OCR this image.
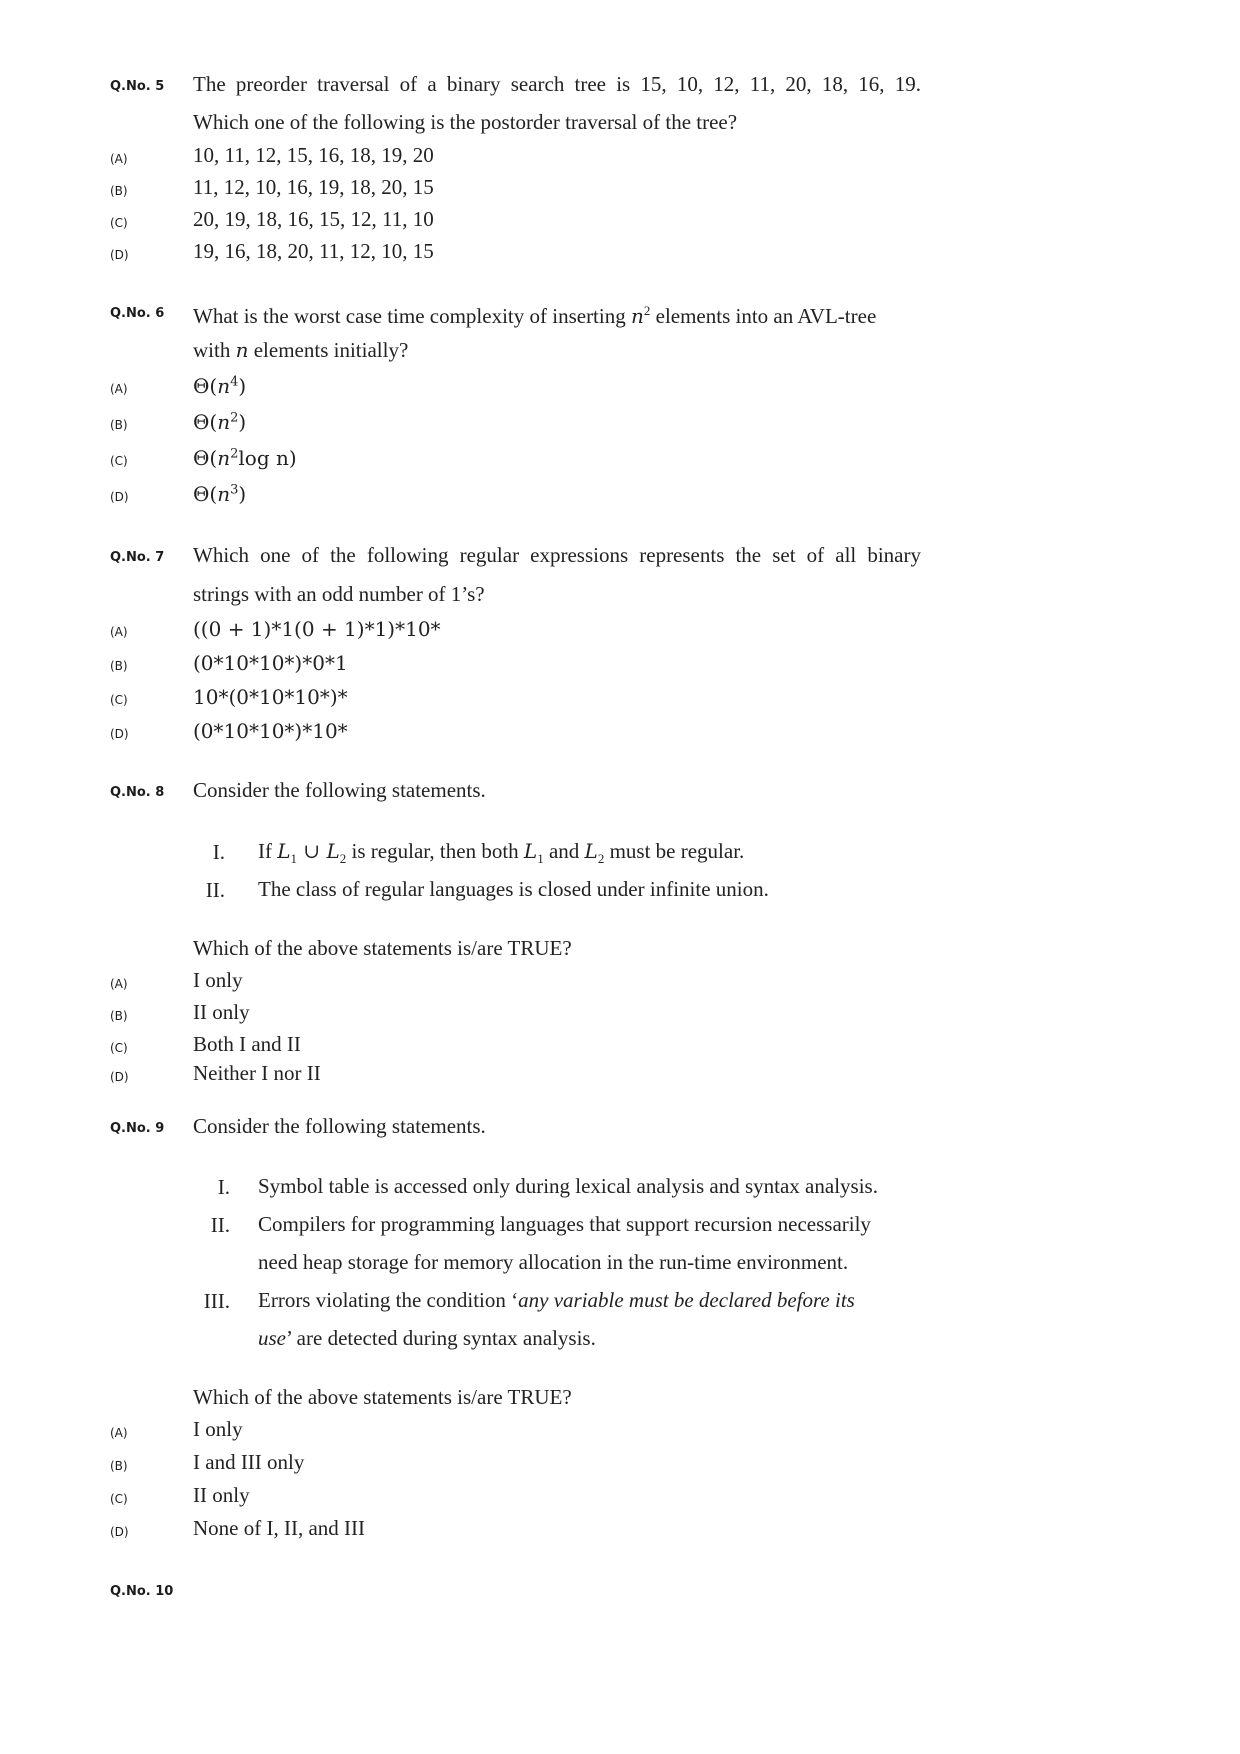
Q.No. 5 The preorder traversal of a binary search tree is 15, 10, 12, 11, 20, 18, 16, 19.
Which one of the following is the postorder traversal of the tree?
(A)	10, 11, 12, 15, 16, 18, 19, 20
(B)	11, 12, 10, 16, 19, 18, 20, 15
(C)	20, 19, 18, 16, 15, 12, 11, 10
(D)	19, 16, 18, 20, 11, 12, 10, 15
Q.No. 6 What is the worst case time complexity of inserting $n^2$ elements into an AVL-tree
with n elements initially?
(A)	$\Theta(n^4)$
(B)	$\Theta(n^2)$
(C)	$\Theta(n^2\log$ n)
(D)	$\Theta(n^3)$
Q.No. 7 Which one of the following regular expressions represents the set of all binary
strings with an odd number of 1’s?
(A)	((0 + 1)*1(0 + 1)*1)*10*
(B)	(0*10*10*)*0*1
(C)	10*(0*10*10*)*
(D)	(0*10*10*)*10*
Q.No. 8 Consider the following statements.
I. If $L_1$ ∪ $L_2$ is regular, then both $L_1$ and $L_2$ must be regular.
II. The class of regular languages is closed under infinite union.
Which of the above statements is/are TRUE?
(A)	I only
(B)	II only
(C)	Both I and II
(D)	Neither I nor II
Q.No. 9 Consider the following statements.
I. Symbol table is accessed only during lexical analysis and syntax analysis.
II. Compilers for programming languages that support recursion necessarily
need heap storage for memory allocation in the run-time environment.
III. Errors violating the condition ‘any variable must be declared before its
use’ are detected during syntax analysis.
Which of the above statements is/are TRUE?
(A)	I only
(B)	I and III only
(C)	II only
(D)	None of I, II, and III
Q.No. 10
